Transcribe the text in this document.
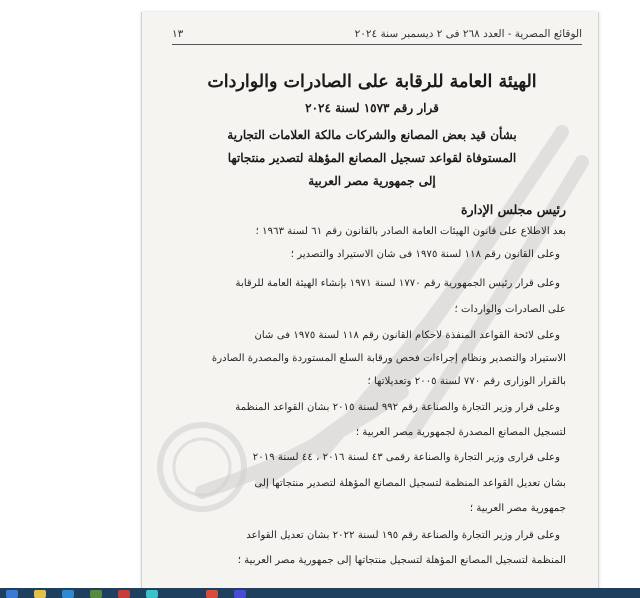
الوقائع المصرية - العدد ٢٦٨ فى ٢ ديسمبر سنة ٢٠٢٤
١٣
الهيئة العامة للرقابة على الصادرات والواردات
قرار رقم ١٥٧٣ لسنة ٢٠٢٤
بشأن قيد بعض المصانع والشركات مالكة العلامات التجارية
المستوفاة لقواعد تسجيل المصانع المؤهلة لتصدير منتجاتها
إلى جمهورية مصر العربية
رئيس مجلس الإدارة
بعد الاطلاع على قانون الهيئات العامة الصادر بالقانون رقم ٦١ لسنة ١٩٦٣ ؛
وعلى القانون رقم ١١٨ لسنة ١٩٧٥ فى شأن الاستيراد والتصدير ؛
وعلى قرار رئيس الجمهورية رقم ١٧٧٠ لسنة ١٩٧١ بإنشاء الهيئة العامة للرقابة
على الصادرات والواردات ؛
وعلى لائحة القواعد المنفذة لأحكام القانون رقم ١١٨ لسنة ١٩٧٥ فى شأن
الاستيراد والتصدير ونظام إجراءات فحص ورقابة السلع المستوردة والمصدرة الصادرة
بالقرار الوزارى رقم ٧٧٠ لسنة ٢٠٠٥ وتعديلاتها ؛
وعلى قرار وزير التجارة والصناعة رقم ٩٩٢ لسنة ٢٠١٥ بشأن القواعد المنظمة
لتسجيل المصانع المصدرة لجمهورية مصر العربية ؛
وعلى قرارى وزير التجارة والصناعة رقمى ٤٣ لسنة ٢٠١٦ ، ٤٤ لسنة ٢٠١٩
بشأن تعديل القواعد المنظمة لتسجيل المصانع المؤهلة لتصدير منتجاتها إلى
جمهورية مصر العربية ؛
وعلى قرار وزير التجارة والصناعة رقم ١٩٥ لسنة ٢٠٢٢ بشأن تعديل القواعد
المنظمة لتسجيل المصانع المؤهلة لتسجيل منتجاتها إلى جمهورية مصر العربية ؛
